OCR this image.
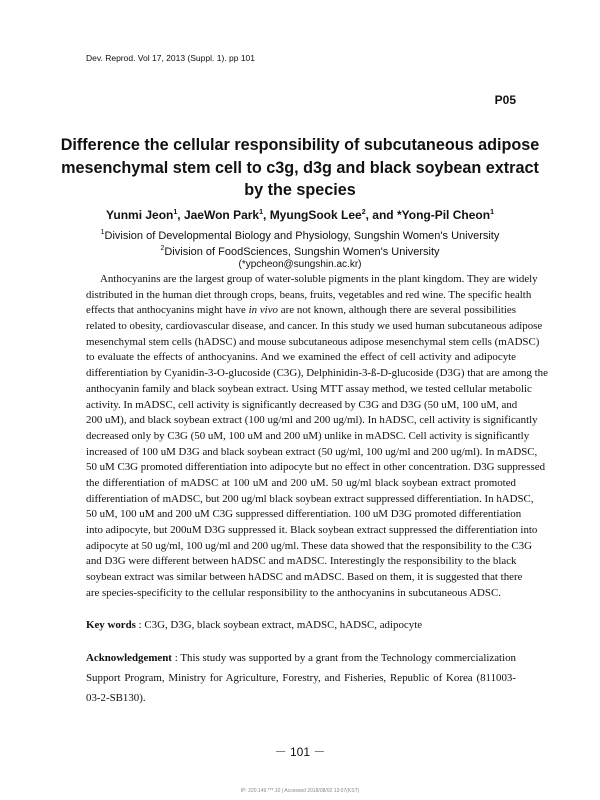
Dev. Reprod. Vol 17, 2013 (Suppl. 1). pp 101
P05
Difference the cellular responsibility of subcutaneous adipose
mesenchymal stem cell to c3g, d3g and black soybean extract
by the species
Yunmi Jeon$^1$, JaeWon Park$^1$, MyungSook Lee$^2$, and *Yong-Pil Cheon$^1$
$^1$Division of Developmental Biology and Physiology, Sungshin Women's University
$^2$Division of FoodSciences, Sungshin Women's University
(*ypcheon@sungshin.ac.kr)
Anthocyanins are the largest group of water-soluble pigments in the plant kingdom. They are widely
distributed in the human diet through crops, beans, fruits, vegetables and red wine. The specific health
effects that anthocyanins might have in vivo are not known, although there are several possibilities
related to obesity, cardiovascular disease, and cancer. In this study we used human subcutaneous adipose
mesenchymal stem cells (hADSC) and mouse subcutaneous adipose mesenchymal stem cells (mADSC)
to evaluate the effects of anthocyanins. And we examined the effect of cell activity and adipocyte
differentiation by Cyanidin-3-O-glucoside (C3G), Delphinidin-3-ß-D-glucoside (D3G) that are among the
anthocyanin family and black soybean extract. Using MTT assay method, we tested cellular metabolic
activity. In mADSC, cell activity is significantly decreased by C3G and D3G (50 uM, 100 uM, and
200 uM), and black soybean extract (100 ug/ml and 200 ug/ml). In hADSC, cell activity is significantly
decreased only by C3G (50 uM, 100 uM and 200 uM) unlike in mADSC. Cell activity is significantly
increased of 100 uM D3G and black soybean extract (50 ug/ml, 100 ug/ml and 200 ug/ml). In mADSC,
50 uM C3G promoted differentiation into adipocyte but no effect in other concentration. D3G suppressed
the differentiation of mADSC at 100 uM and 200 uM. 50 ug/ml black soybean extract promoted
differentiation of mADSC, but 200 ug/ml black soybean extract suppressed differentiation. In hADSC,
50 uM, 100 uM and 200 uM C3G suppressed differentiation. 100 uM D3G promoted differentiation
into adipocyte, but 200uM D3G suppressed it. Black soybean extract suppressed the differentiation into
adipocyte at 50 ug/ml, 100 ug/ml and 200 ug/ml. These data showed that the responsibility to the C3G
and D3G were different between hADSC and mADSC. Interestingly the responsibility to the black
soybean extract was similar between hADSC and mADSC. Based on them, it is suggested that there
are species-specificity to the cellular responsibility to the anthocyanins in subcutaneous ADSC.
Key words : C3G, D3G, black soybean extract, mADSC, hADSC, adipocyte
Acknowledgement : This study was supported by a grant from the Technology commercialization Support Program, Ministry for Agriculture, Forestry, and Fisheries, Republic of Korea (811003-03-2-SB130).
－ 101 －
IP: 220.149.***.10 | Accessed 2018/08/02 13:07(KST)
